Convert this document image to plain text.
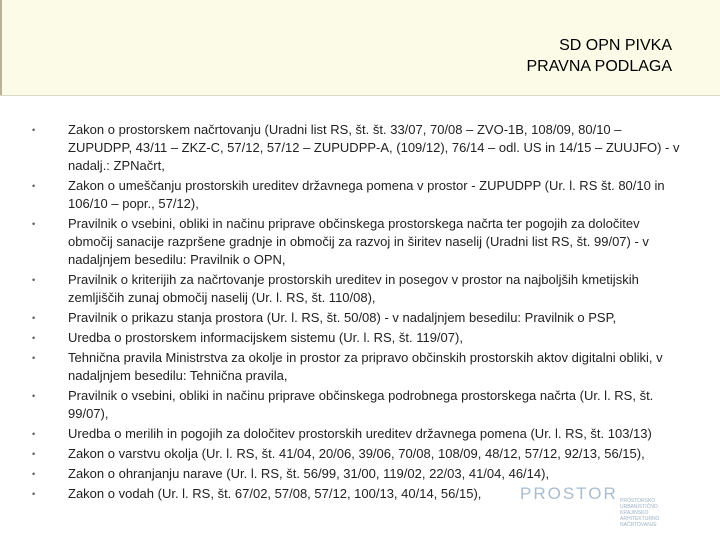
SD OPN PIVKA
PRAVNA PODLAGA
•	Zakon o prostorskem načrtovanju (Uradni list RS, št. št. 33/07, 70/08 – ZVO-1B, 108/09, 80/10 – ZUPUDPP, 43/11 – ZKZ-C, 57/12, 57/12 – ZUPUDPP-A, (109/12), 76/14 – odl. US in 14/15 – ZUUJFO) - v nadalj.: ZPNačrt,
•	Zakon o umeščanju prostorskih ureditev državnega pomena v prostor - ZUPUDPP (Ur. l. RS št. 80/10 in 106/10 – popr., 57/12),
•	Pravilnik o vsebini, obliki in načinu priprave občinskega prostorskega načrta ter pogojih za določitev območij sanacije razpršene gradnje in območij za razvoj in širitev naselij (Uradni list RS, št. 99/07) - v nadaljnjem besedilu: Pravilnik o OPN,
•	Pravilnik o kriterijih za načrtovanje prostorskih ureditev in posegov v prostor na najboljših kmetijskih zemljiščih zunaj območij naselij (Ur. l. RS, št. 110/08),
•	Pravilnik o prikazu stanja prostora (Ur. l. RS, št. 50/08) - v nadaljnjem besedilu: Pravilnik o PSP,
•	Uredba o prostorskem informacijskem sistemu (Ur. l. RS, št. 119/07),
•	Tehnična pravila Ministrstva za okolje in prostor za pripravo občinskih prostorskih aktov digitalni obliki, v nadaljnjem besedilu: Tehnična pravila,
•	Pravilnik o vsebini, obliki in načinu priprave občinskega podrobnega prostorskega načrta (Ur. l. RS, št. 99/07),
•	Uredba o merilih in pogojih za določitev prostorskih ureditev državnega pomena (Ur. l. RS, št. 103/13)
•	Zakon o varstvu okolja (Ur. l. RS, št. 41/04, 20/06, 39/06, 70/08, 108/09, 48/12, 57/12, 92/13, 56/15),
•	Zakon o ohranjanju narave (Ur. l. RS, št. 56/99, 31/00, 119/02, 22/03, 41/04, 46/14),
•	Zakon o vodah (Ur. l. RS, št. 67/02, 57/08, 57/12, 100/13, 40/14, 56/15),	PROSTOR PROSTORSKO URBANISTIČNO KRAJINSKO ARHITEKTURNO NAČRTOVANJE
